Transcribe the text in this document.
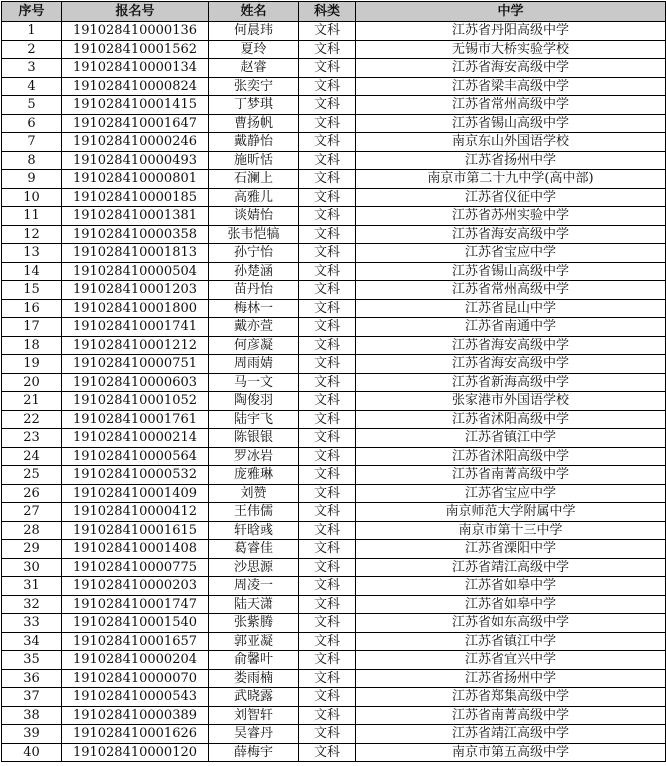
序号	报名号	姓名	科类	中学
1	191028410000136	何晨玮	文科	江苏省丹阳高级中学
2	191028410001562	夏玲	文科	无锡市大桥实验学校
3	191028410000134	赵睿	文科	江苏省海安高级中学
4	191028410000824	张奕宁	文科	江苏省梁丰高级中学
5	191028410001415	丁梦琪	文科	江苏省常州高级中学
6	191028410001647	曹扬帆	文科	江苏省锡山高级中学
7	191028410000246	戴静怡	文科	南京东山外国语学校
8	191028410000493	施昕恬	文科	江苏省扬州中学
9	191028410000801	石澜上	文科	南京市第二十九中学(高中部)
10	191028410000185	高雅儿	文科	江苏省仪征中学
11	191028410001381	谈婧怡	文科	江苏省苏州实验中学
12	191028410000358	张韦恺犒	文科	江苏省海安高级中学
13	191028410001813	孙宁怡	文科	江苏省宝应中学
14	191028410000504	孙楚涵	文科	江苏省锡山高级中学
15	191028410001203	苗丹怡	文科	江苏省常州高级中学
16	191028410001800	梅林一	文科	江苏省昆山中学
17	191028410001741	戴亦萱	文科	江苏省南通中学
18	191028410001212	何彦凝	文科	江苏省海安高级中学
19	191028410000751	周雨婧	文科	江苏省海安高级中学
20	191028410000603	马一文	文科	江苏省新海高级中学
21	191028410001052	陶俊羽	文科	张家港市外国语学校
22	191028410001761	陆宇飞	文科	江苏省沭阳高级中学
23	191028410000214	陈银银	文科	江苏省镇江中学
24	191028410000564	罗冰岩	文科	江苏省沭阳高级中学
25	191028410000532	庞雅琳	文科	江苏省南菁高级中学
26	191028410001409	刘赞	文科	江苏省宝应中学
27	191028410000412	王伟儒	文科	南京师范大学附属中学
28	191028410001615	轩晗彧	文科	南京市第十三中学
29	191028410001408	葛睿佳	文科	江苏省溧阳中学
30	191028410000775	沙思源	文科	江苏省靖江高级中学
31	191028410000203	周凌一	文科	江苏省如皋中学
32	191028410001747	陆天潇	文科	江苏省如皋中学
33	191028410001540	张紫腾	文科	江苏省如东高级中学
34	191028410001657	郭亚凝	文科	江苏省镇江中学
35	191028410000204	俞馨叶	文科	江苏省宜兴中学
36	191028410000070	娄雨楠	文科	江苏省扬州中学
37	191028410000543	武晓露	文科	江苏省郑集高级中学
38	191028410000389	刘智轩	文科	江苏省南菁高级中学
39	191028410001626	吴睿丹	文科	江苏省靖江高级中学
40	191028410000120	薛梅宇	文科	南京市第五高级中学
